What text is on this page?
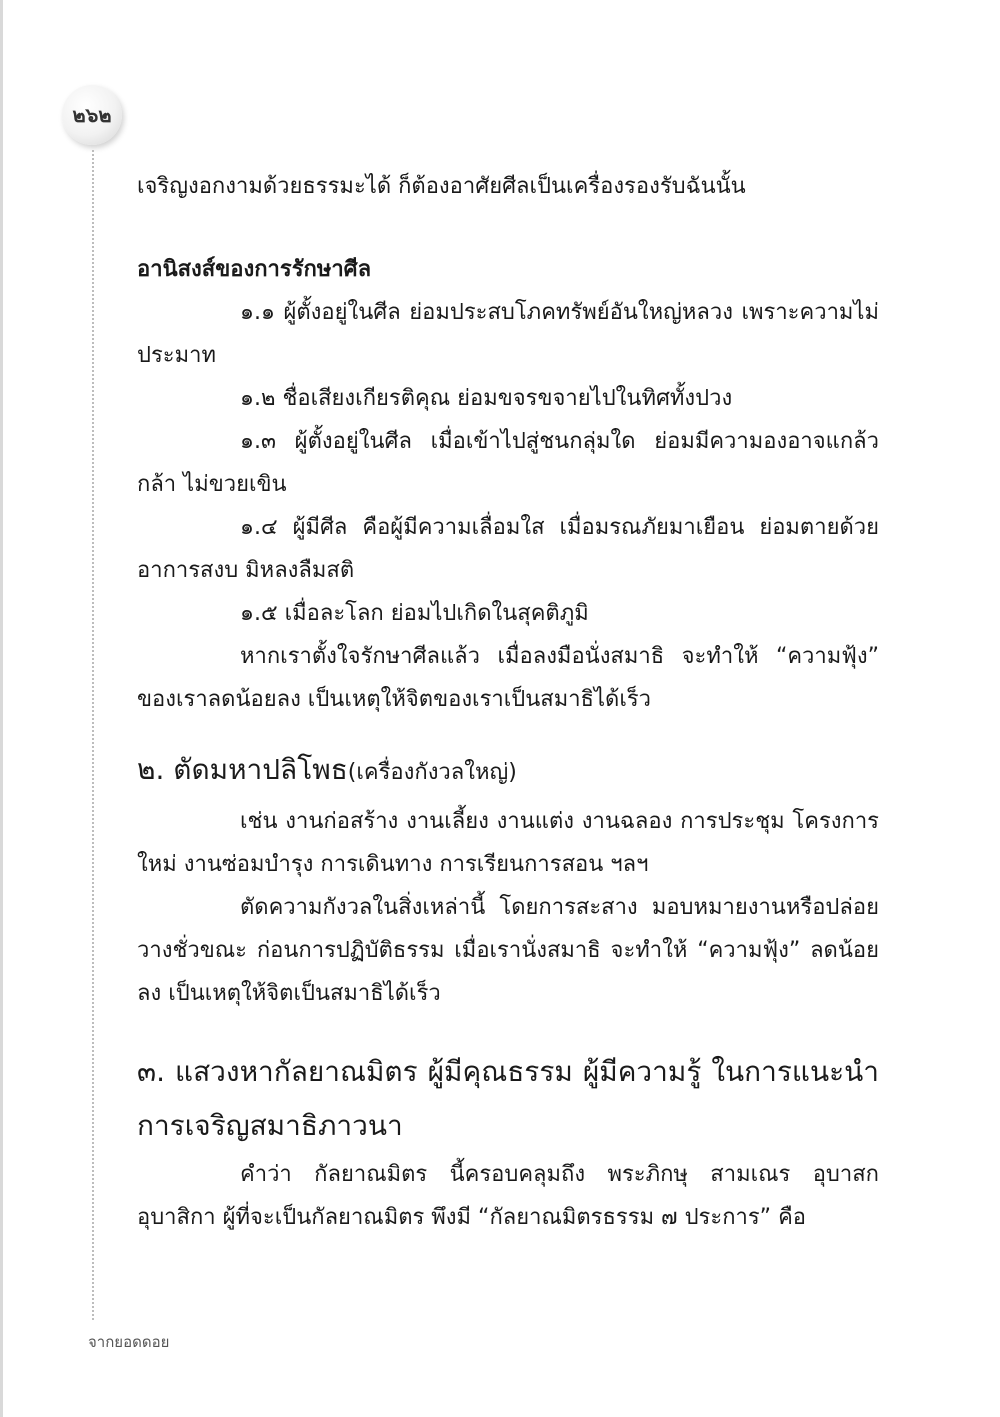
๒๖๒

เจริญงอกงามด้วยธรรมะได้ ก็ต้องอาศัยศีลเป็นเครื่องรองรับฉันนั้น

อานิสงส์ของการรักษาศีล

๑.๑ ผู้ตั้งอยู่ในศีล ย่อมประสบโภคทรัพย์อันใหญ่หลวง เพราะความไม่ประมาท

๑.๒ ชื่อเสียงเกียรติคุณ ย่อมขจรขจายไปในทิศทั้งปวง

๑.๓ ผู้ตั้งอยู่ในศีล เมื่อเข้าไปสู่ชนกลุ่มใด ย่อมมีความองอาจแกล้วกล้า ไม่ขวยเขิน

๑.๔ ผู้มีศีล คือผู้มีความเลื่อมใส เมื่อมรณภัยมาเยือน ย่อมตายด้วยอาการสงบ มิหลงลืมสติ

๑.๕ เมื่อละโลก ย่อมไปเกิดในสุคติภูมิ

หากเราตั้งใจรักษาศีลแล้ว เมื่อลงมือนั่งสมาธิ จะทำให้ “ความฟุ้ง” ของเราลดน้อยลง เป็นเหตุให้จิตของเราเป็นสมาธิได้เร็ว

๒. ตัดมหาปลิโพธ(เครื่องกังวลใหญ่)

เช่น งานก่อสร้าง งานเลี้ยง งานแต่ง งานฉลอง การประชุม โครงการใหม่ งานซ่อมบำรุง การเดินทาง การเรียนการสอน ฯลฯ

ตัดความกังวลในสิ่งเหล่านี้ โดยการสะสาง มอบหมายงานหรือปล่อยวางชั่วขณะ ก่อนการปฏิบัติธรรม เมื่อเรานั่งสมาธิ จะทำให้ “ความฟุ้ง” ลดน้อยลง เป็นเหตุให้จิตเป็นสมาธิได้เร็ว

๓. แสวงหากัลยาณมิตร ผู้มีคุณธรรม ผู้มีความรู้ ในการแนะนำการเจริญสมาธิภาวนา

คำว่า กัลยาณมิตร นี้ครอบคลุมถึง พระภิกษุ สามเณร อุบาสก อุบาสิกา ผู้ที่จะเป็นกัลยาณมิตร พึงมี “กัลยาณมิตรธรรม ๗ ประการ” คือ

จากยอดดอย
